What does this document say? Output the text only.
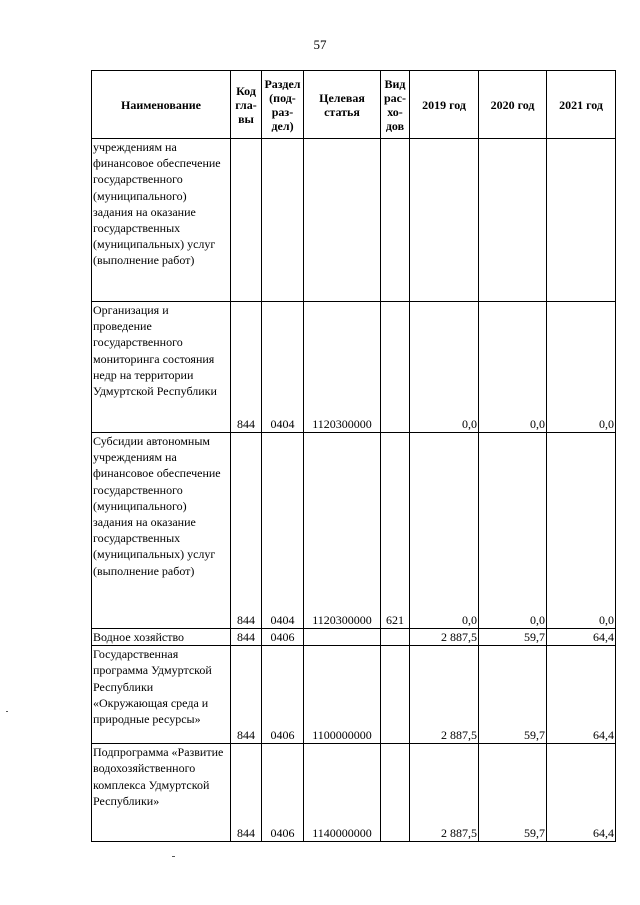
57
Наименование	Код гла- вы	Раздел (под- раз- дел)	Целевая статья	Вид рас- хо- дов	2019 год	2020 год	2021 год
учреждениям на финансовое обеспечение государственного (муниципального) задания на оказание государственных (муниципальных) услуг (выполнение работ)							
Организация и проведение государственного мониторинга состояния недр на территории Удмуртской Республики	844	0404	1120300000		0,0	0,0	0,0
Субсидии автономным учреждениям на финансовое обеспечение государственного (муниципального) задания на оказание государственных (муниципальных) услуг (выполнение работ)	844	0404	1120300000	621	0,0	0,0	0,0
Водное хозяйство	844	0406			2 887,5	59,7	64,4
Государственная программа Удмуртской Республики «Окружающая среда и природные ресурсы»	844	0406	1100000000		2 887,5	59,7	64,4
Подпрограмма «Развитие водохозяйственного комплекса Удмуртской Республики»	844	0406	1140000000		2 887,5	59,7	64,4
